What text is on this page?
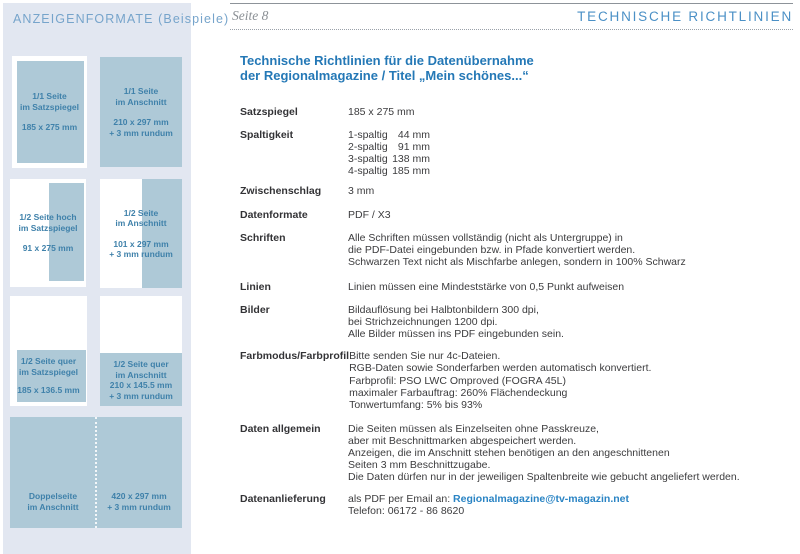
ANZEIGENFORMATE (Beispiele)
1/1 Seite
im Satzspiegel
185 x 275 mm
1/1 Seite
im Anschnitt
210 x 297 mm
+ 3 mm rundum
1/2 Seite hoch
im Satzspiegel
91 x 275 mm
1/2 Seite
im Anschnitt
101 x 297 mm
+ 3 mm rundum
1/2 Seite quer
im Satzspiegel
185 x 136.5 mm
1/2 Seite quer
im Anschnitt
210 x 145.5 mm
+ 3 mm rundum
Doppelseite
im Anschnitt
420 x 297 mm
+ 3 mm rundum
Seite 8	TECHNISCHE RICHTLINIEN
Technische Richtlinien für die Datenübernahme
der Regionalmagazine / Titel „Mein schönes...“
Satzspiegel	185 x 275 mm
Spaltigkeit	1-spaltig 44 mm
2-spaltig 91 mm
3-spaltig 138 mm
4-spaltig 185 mm
Zwischenschlag	3 mm
Datenformate	PDF / X3
Schriften	Alle Schriften müssen vollständig (nicht als Untergruppe) in
die PDF-Datei eingebunden bzw. in Pfade konvertiert werden.
Schwarzen Text nicht als Mischfarbe anlegen, sondern in 100% Schwarz
Linien	Linien müssen eine Mindeststärke von 0,5 Punkt aufweisen
Bilder	Bildauflösung bei Halbtonbildern 300 dpi,
bei Strichzeichnungen 1200 dpi.
Alle Bilder müssen ins PDF eingebunden sein.
Farbmodus/Farbprofil Bitte senden Sie nur 4c-Dateien.
RGB-Daten sowie Sonderfarben werden automatisch konvertiert.
Farbprofil: PSO LWC Omproved (FOGRA 45L)
maximaler Farbauftrag: 260% Flächendeckung
Tonwertumfang: 5% bis 93%
Daten allgemein	Die Seiten müssen als Einzelseiten ohne Passkreuze,
aber mit Beschnittmarken abgespeichert werden.
Anzeigen, die im Anschnitt stehen benötigen an den angeschnittenen
Seiten 3 mm Beschnittzugabe.
Die Daten dürfen nur in der jeweiligen Spaltenbreite wie gebucht angeliefert werden.
Datenanlieferung	als PDF per Email an: Regionalmagazine@tv-magazin.net
Telefon: 06172 - 86 8620
